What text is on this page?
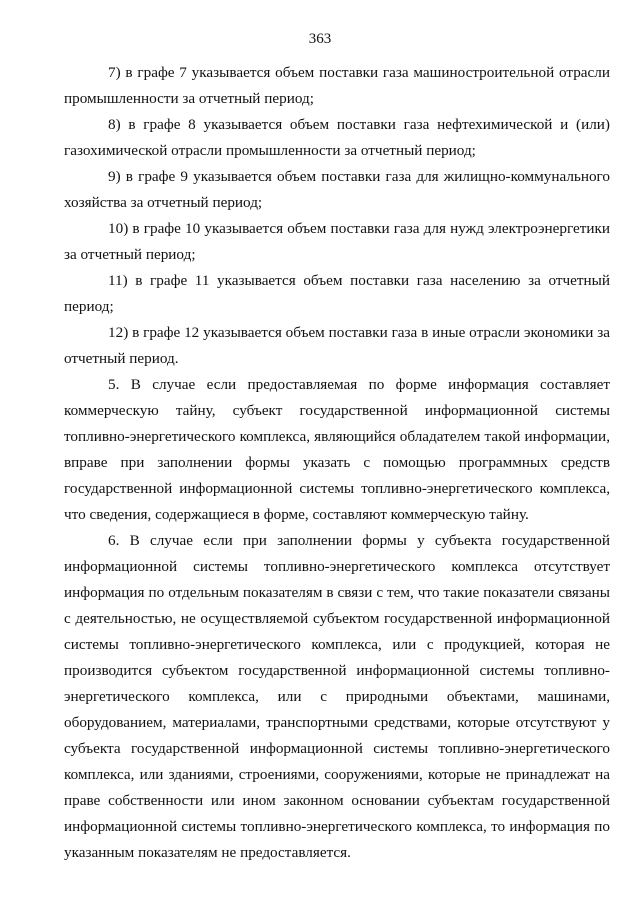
363

7) в графе 7 указывается объем поставки газа машиностроительной отрасли промышленности за отчетный период;

8) в графе 8 указывается объем поставки газа нефтехимической и (или) газохимической отрасли промышленности за отчетный период;

9) в графе 9 указывается объем поставки газа для жилищно-коммунального хозяйства за отчетный период;

10) в графе 10 указывается объем поставки газа для нужд электроэнергетики за отчетный период;

11) в графе 11 указывается объем поставки газа населению за отчетный период;

12) в графе 12 указывается объем поставки газа в иные отрасли экономики за отчетный период.

5. В случае если предоставляемая по форме информация составляет коммерческую тайну, субъект государственной информационной системы топливно-энергетического комплекса, являющийся обладателем такой информации, вправе при заполнении формы указать с помощью программных средств государственной информационной системы топливно-энергетического комплекса, что сведения, содержащиеся в форме, составляют коммерческую тайну.

6. В случае если при заполнении формы у субъекта государственной информационной системы топливно-энергетического комплекса отсутствует информация по отдельным показателям в связи с тем, что такие показатели связаны с деятельностью, не осуществляемой субъектом государственной информационной системы топливно-энергетического комплекса, или с продукцией, которая не производится субъектом государственной информационной системы топливно-энергетического комплекса, или с природными объектами, машинами, оборудованием, материалами, транспортными средствами, которые отсутствуют у субъекта государственной информационной системы топливно-энергетического комплекса, или зданиями, строениями, сооружениями, которые не принадлежат на праве собственности или ином законном основании субъектам государственной информационной системы топливно-энергетического комплекса, то информация по указанным показателям не предоставляется.
